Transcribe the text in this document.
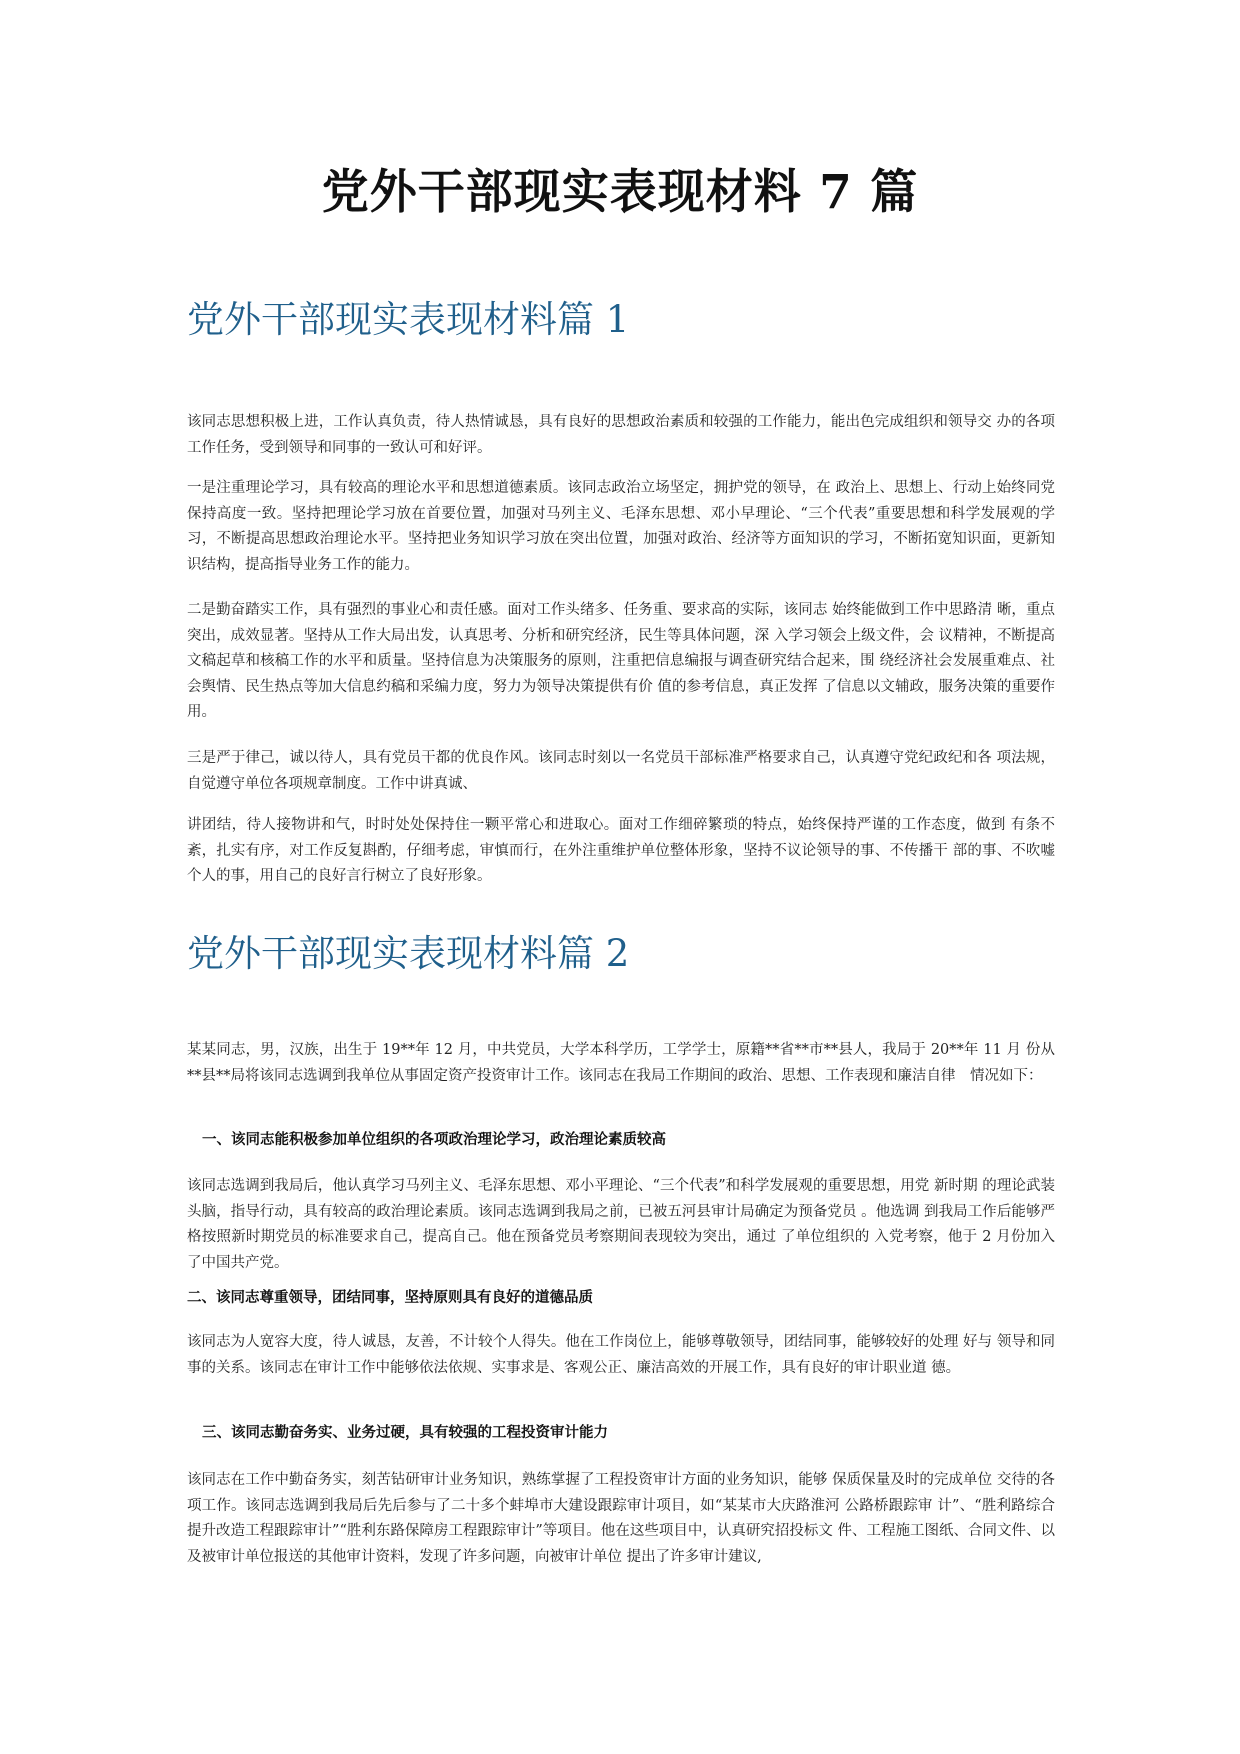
党外干部现实表现材料 7 篇
党外干部现实表现材料篇 1

该同志思想积极上进，工作认真负责，待人热情诚恳，具有良好的思想政治素质和较强的工作能力，能出色完成组织和领导交 办的各项工作任务，受到领导和同事的一致认可和好评。

一是注重理论学习，具有较高的理论水平和思想道德素质。该同志政治立场坚定，拥护党的领导，在 政治上、思想上、行动上始终同党保持高度一致。坚持把理论学习放在首要位置，加强对马列主义、毛泽东思想、邓小早理论、“三个代表”重要思想和科学发展观的学习，不断提高思想政治理论水平。坚持把业务知识学习放在突出位置，加强对政治、经济等方面知识的学习，不断拓宽知识面，更新知识结构，提高指导业务工作的能力。

二是勤奋踏实工作，具有强烈的事业心和责任感。面对工作头绪多、任务重、要求高的实际，该同志 始终能做到工作中思路清 晰，重点突出，成效显著。坚持从工作大局出发，认真思考、分析和研究经济，民生等具体问题，深 入学习领会上级文件，会 议精神，不断提高文稿起草和核稿工作的水平和质量。坚持信息为决策服务的原则，注重把信息编报与调查研究结合起来，围 绕经济社会发展重难点、社会舆情、民生热点等加大信息约稿和采编力度，努力为领导决策提供有价 值的参考信息，真正发挥 了信息以文辅政，服务决策的重要作用。

三是严于律己，诚以待人，具有党员干都的优良作风。该同志时刻以一名党员干部标准严格要求自己，认真遵守党纪政纪和各 项法规，自觉遵守单位各项规章制度。工作中讲真诚、

讲团结，待人接物讲和气，时时处处保持住一颗平常心和进取心。面对工作细碎繁琐的特点，始终保持严谨的工作态度，做到 有条不紊，扎实有序，对工作反复斟酌，仔细考虑，审慎而行，在外注重维护单位整体形象，坚持不议论领导的事、不传播干 部的事、不吹嘘个人的事，用自己的良好言行树立了良好形象。

党外干部现实表现材料篇 2

某某同志，男，汉族，出生于 19**年 12 月，中共党员，大学本科学历，工学学士，原籍**省**市**县人，我局于 20**年 11 月 份从**县**局将该同志选调到我单位从事固定资产投资审计工作。该同志在我局工作期间的政治、思想、工作表现和廉洁自律　情况如下：

一、该同志能积极参加单位组织的各项政治理论学习，政治理论素质较高

该同志选调到我局后，他认真学习马列主义、毛泽东思想、邓小平理论、“三个代表”和科学发展观的重要思想，用党 新时期 的理论武装头脑，指导行动，具有较高的政治理论素质。该同志选调到我局之前，已被五河县审计局确定为预备党员 。他选调 到我局工作后能够严格按照新时期党员的标准要求自己，提高自己。他在预备党员考察期间表现较为突出，通过 了单位组织的 入党考察，他于 2 月份加入了中国共产党。

二、该同志尊重领导，团结同事，坚持原则具有良好的道德品质

该同志为人宽容大度，待人诚恳，友善，不计较个人得失。他在工作岗位上，能够尊敬领导，团结同事，能够较好的处理 好与 领导和同事的关系。该同志在审计工作中能够依法依规、实事求是、客观公正、廉洁高效的开展工作，具有良好的审计职业道 德。

三、该同志勤奋务实、业务过硬，具有较强的工程投资审计能力

该同志在工作中勤奋务实，刻苦钻研审计业务知识，熟练掌握了工程投资审计方面的业务知识，能够 保质保量及时的完成单位 交待的各项工作。该同志选调到我局后先后参与了二十多个蚌埠市大建设跟踪审计项目，如“某某市大庆路淮河 公路桥跟踪审 计”、“胜利路综合提升改造工程跟踪审计”“胜利东路保障房工程跟踪审计”等项目。他在这些项目中，认真研究招投标文 件、工程施工图纸、合同文件、以及被审计单位报送的其他审计资料，发现了许多问题，向被审计单位 提出了许多审计建议,
